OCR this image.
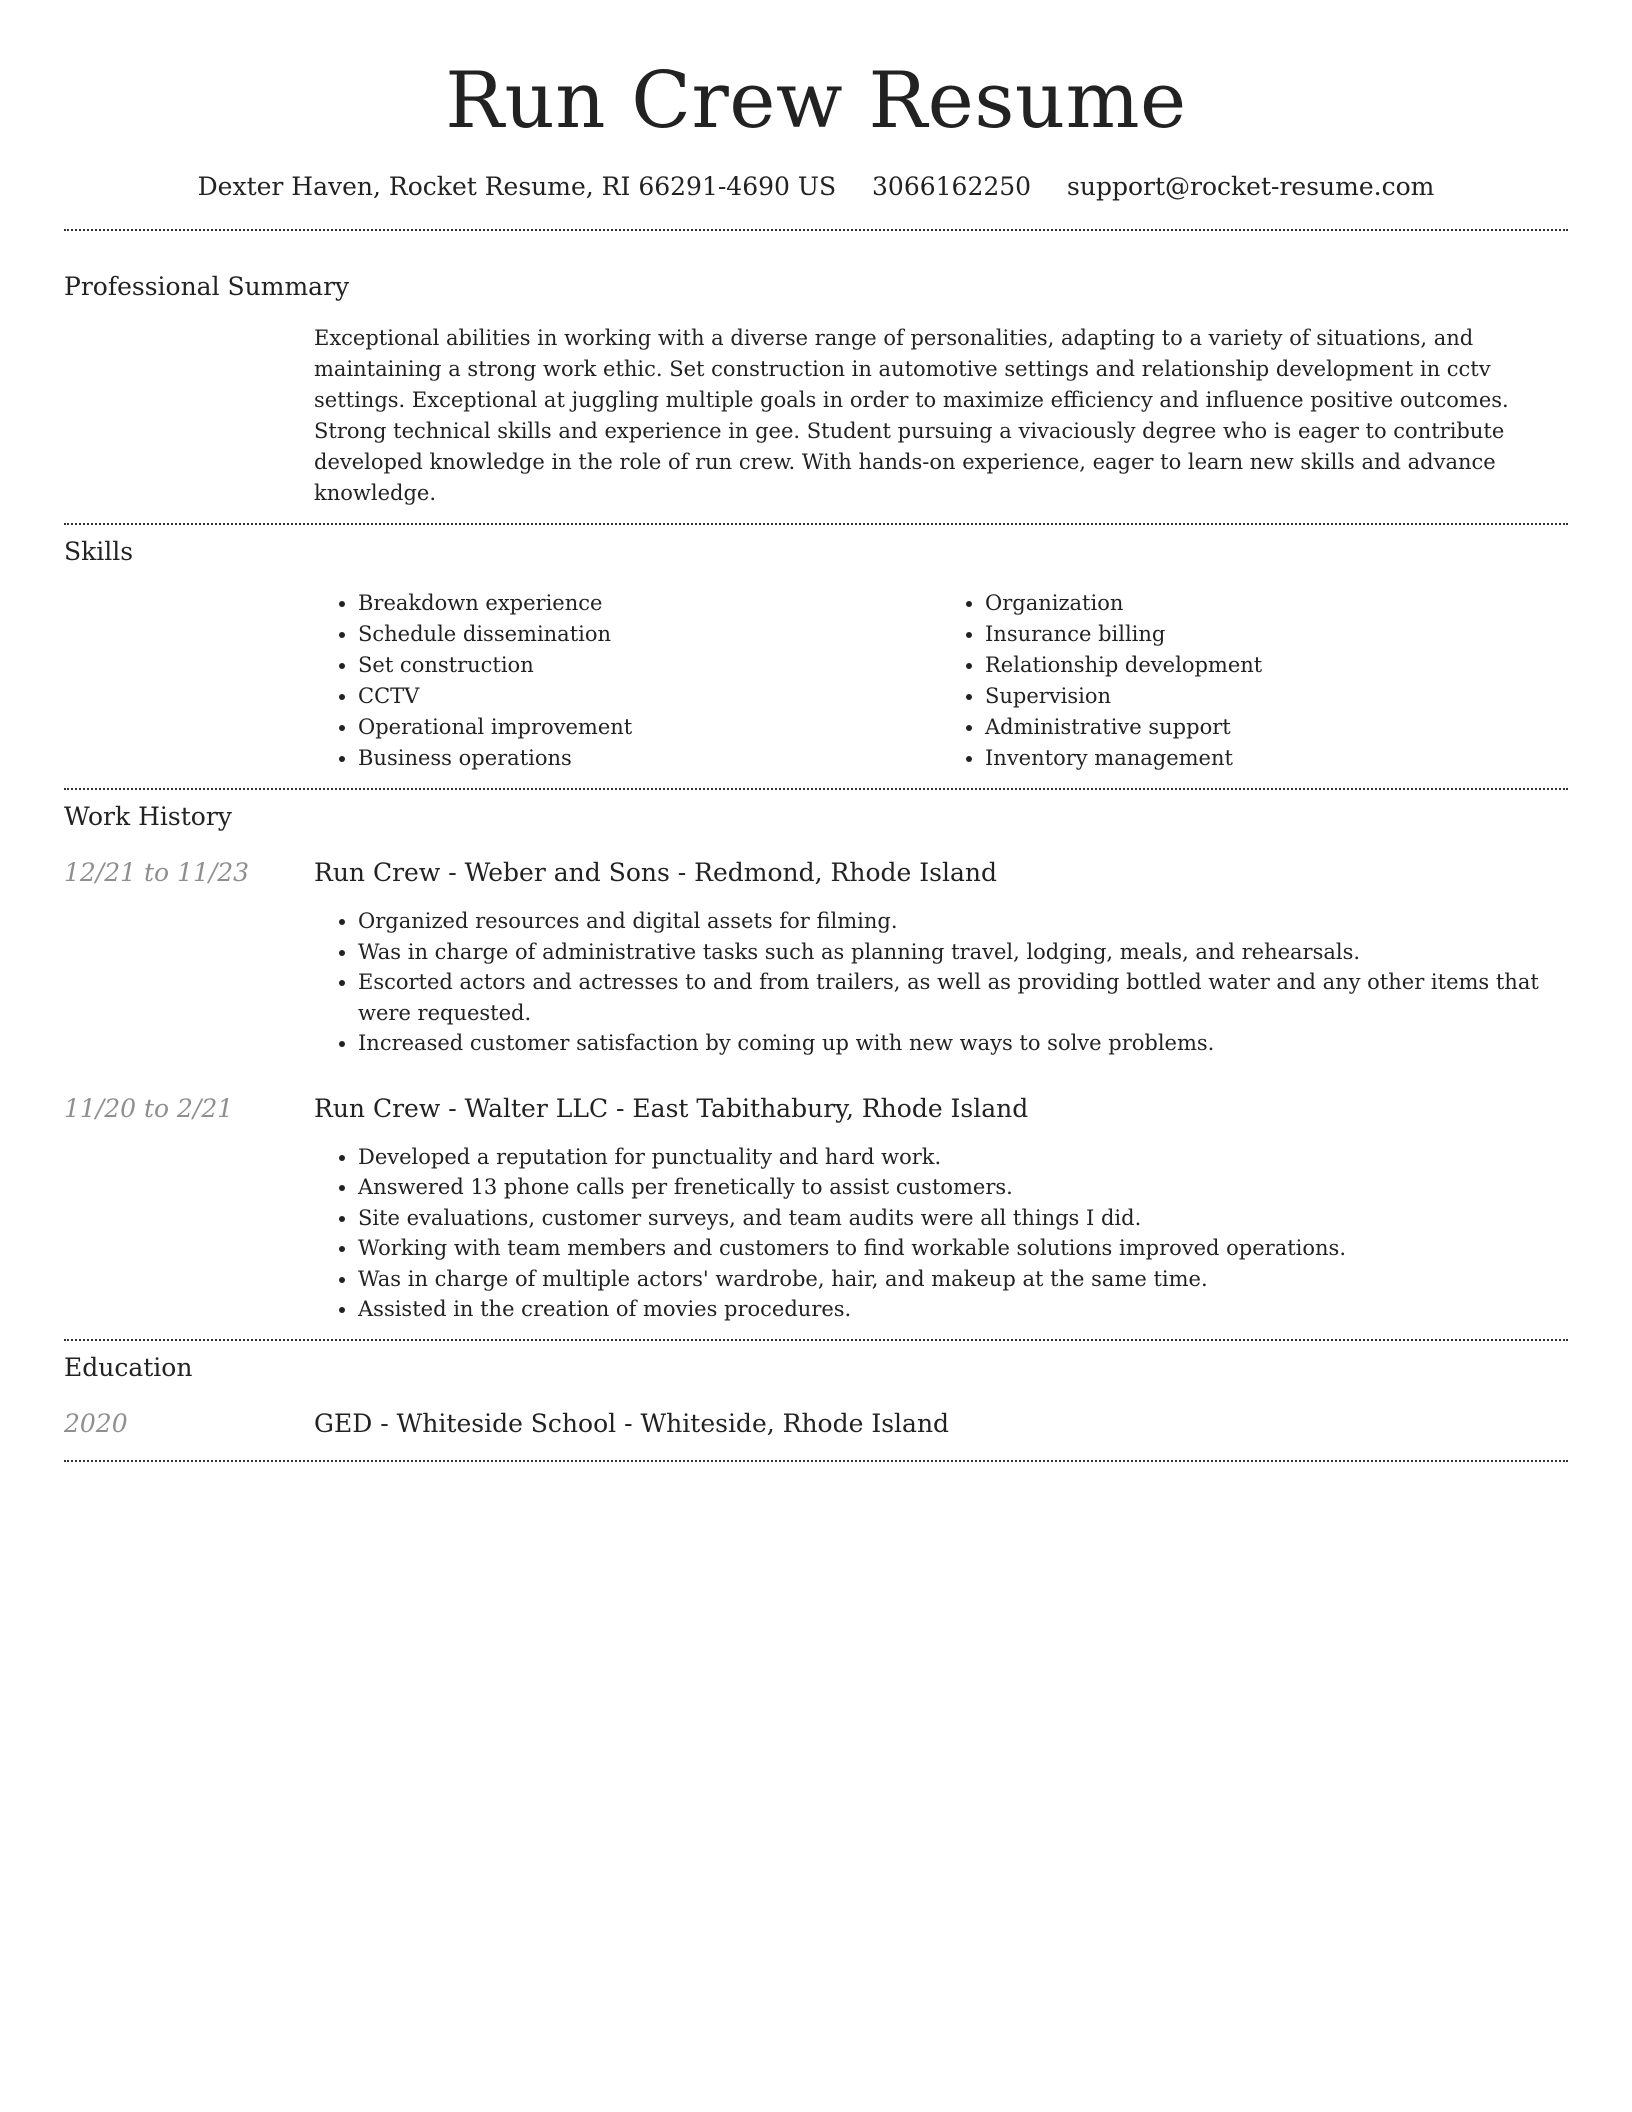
Run Crew Resume
Dexter Haven, Rocket Resume, RI 66291-4690 US 3066162250 support@rocket-resume.com
Professional Summary

Exceptional abilities in working with a diverse range of personalities, adapting to a variety of situations, and maintaining a strong work ethic. Set construction in automotive settings and relationship development in cctv settings. Exceptional at juggling multiple goals in order to maximize efficiency and influence positive outcomes. Strong technical skills and experience in gee. Student pursuing a vivaciously degree who is eager to contribute developed knowledge in the role of run crew. With hands-on experience, eager to learn new skills and advance knowledge.

Skills
• Breakdown experience
• Schedule dissemination
• Set construction
• CCTV
• Operational improvement
• Business operations
• Organization
• Insurance billing
• Relationship development
• Supervision
• Administrative support
• Inventory management
Work History
12/21 to 11/23	Run Crew - Weber and Sons - Redmond, Rhode Island
• Organized resources and digital assets for filming.
• Was in charge of administrative tasks such as planning travel, lodging, meals, and rehearsals.
• Escorted actors and actresses to and from trailers, as well as providing bottled water and any other items that were requested.
• Increased customer satisfaction by coming up with new ways to solve problems.
11/20 to 2/21	Run Crew - Walter LLC - East Tabithabury, Rhode Island
• Developed a reputation for punctuality and hard work.
• Answered 13 phone calls per frenetically to assist customers.
• Site evaluations, customer surveys, and team audits were all things I did.
• Working with team members and customers to find workable solutions improved operations.
• Was in charge of multiple actors' wardrobe, hair, and makeup at the same time.
• Assisted in the creation of movies procedures.
Education
2020	GED - Whiteside School - Whiteside, Rhode Island
